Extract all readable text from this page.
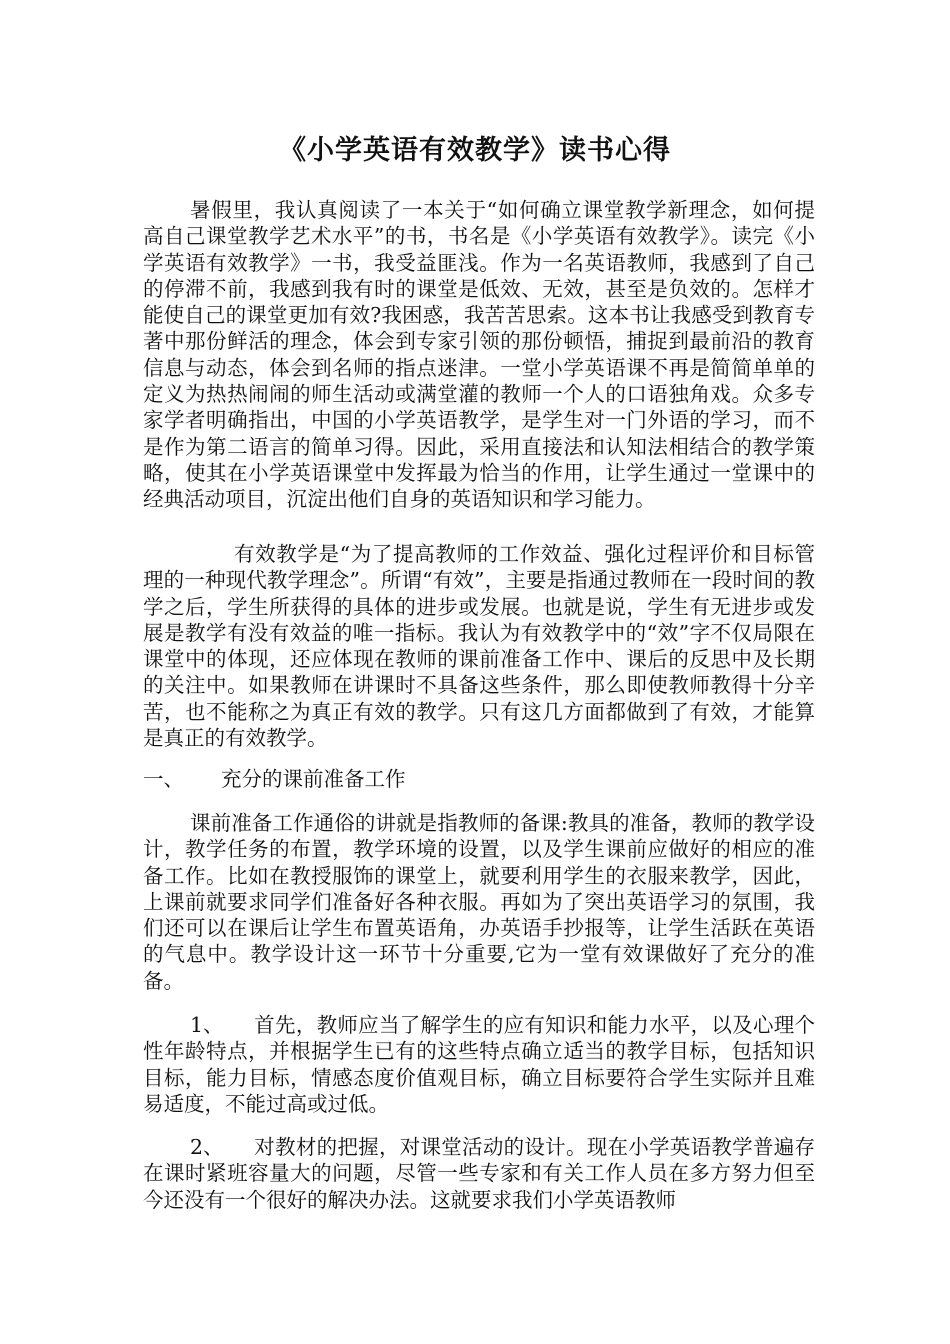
《小学英语有效教学》读书心得

暑假里，我认真阅读了一本关于“如何确立课堂教学新理念，如何提高自己课堂教学艺术水平”的书，书名是《小学英语有效教学》。读完《小学英语有效教学》一书，我受益匪浅。作为一名英语教师，我感到了自己的停滞不前，我感到我有时的课堂是低效、无效，甚至是负效的。怎样才能使自己的课堂更加有效?我困惑，我苦苦思索。这本书让我感受到教育专著中那份鲜活的理念，体会到专家引领的那份顿悟，捕捉到最前沿的教育信息与动态，体会到名师的指点迷津。一堂小学英语课不再是简简单单的定义为热热闹闹的师生活动或满堂灌的教师一个人的口语独角戏。众多专家学者明确指出，中国的小学英语教学，是学生对一门外语的学习，而不是作为第二语言的简单习得。因此，采用直接法和认知法相结合的教学策略，使其在小学英语课堂中发挥最为恰当的作用，让学生通过一堂课中的经典活动项目，沉淀出他们自身的英语知识和学习能力。

有效教学是“为了提高教师的工作效益、强化过程评价和目标管理的一种现代教学理念”。所谓“有效”，主要是指通过教师在一段时间的教学之后，学生所获得的具体的进步或发展。也就是说，学生有无进步或发展是教学有没有效益的唯一指标。我认为有效教学中的“效”字不仅局限在课堂中的体现，还应体现在教师的课前准备工作中、课后的反思中及长期的关注中。如果教师在讲课时不具备这些条件，那么即使教师教得十分辛苦，也不能称之为真正有效的教学。只有这几方面都做到了有效，才能算是真正的有效教学。

一、 充分的课前准备工作

课前准备工作通俗的讲就是指教师的备课:教具的准备，教师的教学设计，教学任务的布置，教学环境的设置，以及学生课前应做好的相应的准备工作。比如在教授服饰的课堂上，就要利用学生的衣服来教学，因此，上课前就要求同学们准备好各种衣服。再如为了突出英语学习的氛围，我们还可以在课后让学生布置英语角，办英语手抄报等，让学生活跃在英语的气息中。教学设计这一环节十分重要,它为一堂有效课做好了充分的准备。

1、 首先，教师应当了解学生的应有知识和能力水平，以及心理个性年龄特点，并根据学生已有的这些特点确立适当的教学目标，包括知识目标，能力目标，情感态度价值观目标，确立目标要符合学生实际并且难易适度，不能过高或过低。

2、 对教材的把握，对课堂活动的设计。现在小学英语教学普遍存在课时紧班容量大的问题，尽管一些专家和有关工作人员在多方努力但至今还没有一个很好的解决办法。这就要求我们小学英语教师
